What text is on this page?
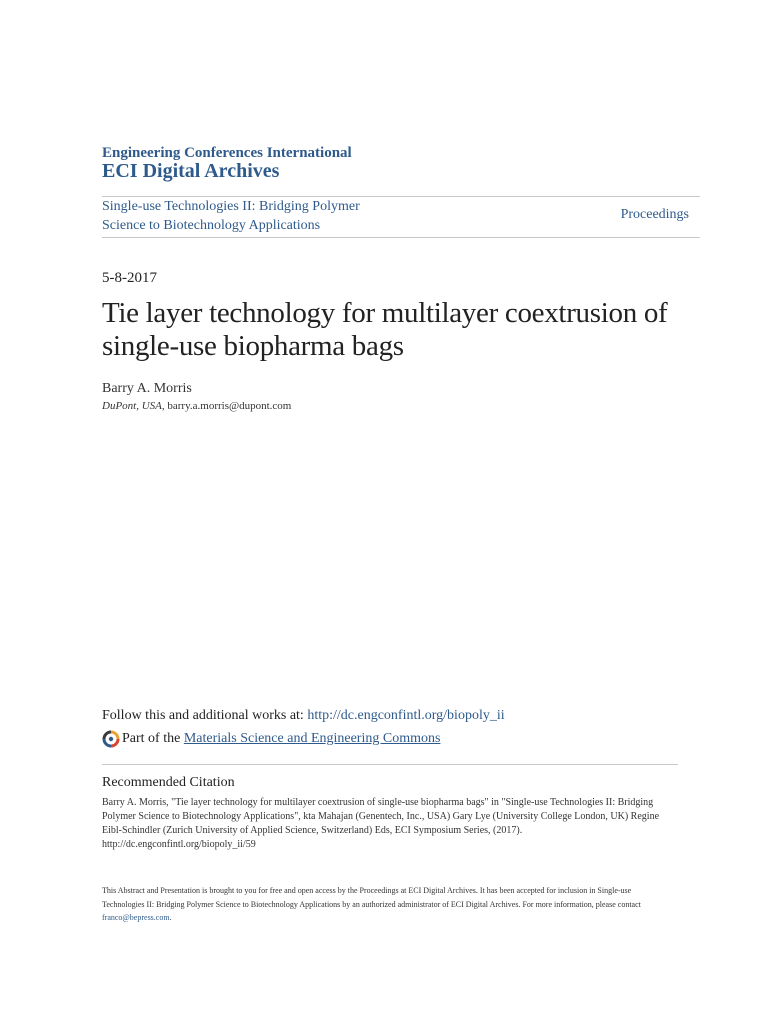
Engineering Conferences International
ECI Digital Archives
Single-use Technologies II: Bridging Polymer Science to Biotechnology Applications
Proceedings
5-8-2017
Tie layer technology for multilayer coextrusion of single-use biopharma bags
Barry A. Morris
DuPont, USA, barry.a.morris@dupont.com
Follow this and additional works at: http://dc.engconfintl.org/biopoly_ii
Part of the
Materials Science and Engineering Commons
Recommended Citation
Barry A. Morris, "Tie layer technology for multilayer coextrusion of single-use biopharma bags" in "Single-use Technologies II: Bridging Polymer Science to Biotechnology Applications", kta Mahajan (Genentech, Inc., USA) Gary Lye (University College London, UK) Regine Eibl-Schindler (Zurich University of Applied Science, Switzerland) Eds, ECI Symposium Series, (2017). http://dc.engconfintl.org/biopoly_ii/59
This Abstract and Presentation is brought to you for free and open access by the Proceedings at ECI Digital Archives. It has been accepted for inclusion in Single-use Technologies II: Bridging Polymer Science to Biotechnology Applications by an authorized administrator of ECI Digital Archives. For more information, please contact franco@bepress.com.
